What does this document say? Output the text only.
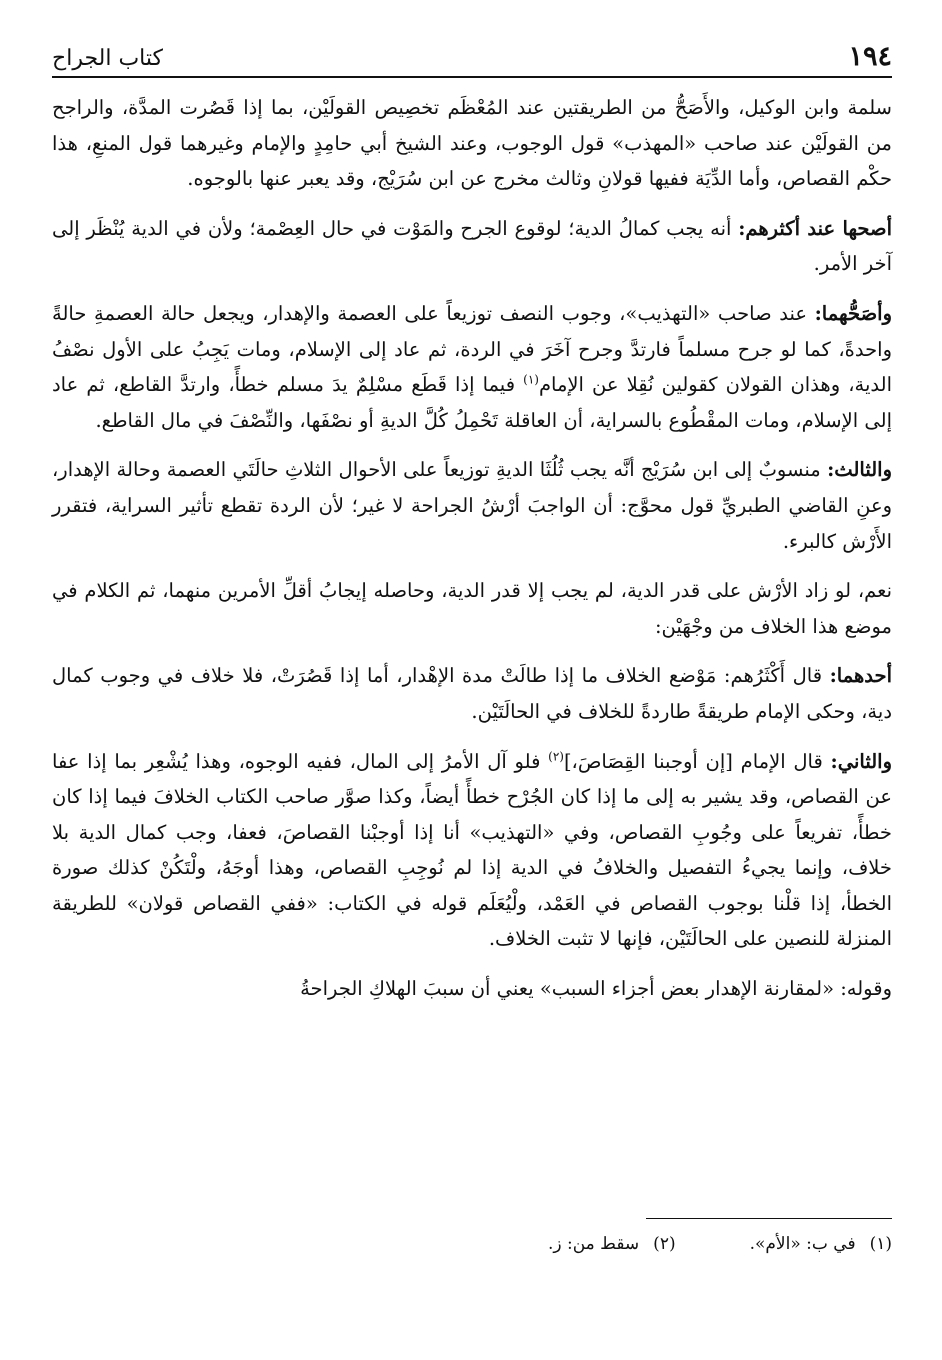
١٩٤
كتاب الجراح

سلمة وابن الوكيل، والأَصَحُّ من الطريقتين عند المُعْظَم تخصِيص القولَيْن، بما إذا قَصُرت المدَّة، والراجح من القولَيْن عند صاحب «المهذب» قول الوجوب، وعند الشيخ أبي حامِدٍ والإمام وغيرهما قول المنعِ، هذا حكْم القصاص، وأما الدِّيَة ففيها قولانِ وثالث مخرج عن ابن سُرَيْج، وقد يعبر عنها بالوجوه.

أصحها عند أكثرهم: أنه يجب كمالُ الدية؛ لوقوع الجرح والمَوْت في حال العِصْمة؛ ولأن في الدية يُنْظَر إلى آخر الأمر.

وأصَحُّهما: عند صاحب «التهذيب»، وجوب النصف توزيعاً على العصمة والإهدار، ويجعل حالة العصمةِ حالةً واحدةً، كما لو جرح مسلماً فارتدَّ وجرح آخَرَ في الردة، ثم عاد إلى الإسلام، ومات يَجِبُ على الأول نصْفُ الدية، وهذان القولان كقولين نُقِلا عن الإمام$^{(١)}$ فيما إذا قَطَع مسْلِمٌ يدَ مسلم خطأً، وارتدَّ القاطع، ثم عاد إلى الإسلام، ومات المقْطُوع بالسراية، أن العاقلة تَحْمِلُ كُلَّ الديةِ أو نصْفَها، والنِّصْفَ في مال القاطع.

والثالث: منسوبٌ إلى ابن سُرَيْج أنَّه يجب ثُلُثَا الديةِ توزيعاً على الأحوال الثلاثِ حالَتَي العصمة وحالة الإهدار، وعنِ القاضي الطبريِّ قول محوَّج: أن الواجبَ أرْشُ الجراحة لا غير؛ لأن الردة تقطع تأثير السراية، فتقرر الأَرْش كالبرء.

نعم، لو زاد الأرْش على قدر الدية، لم يجب إلا قدر الدية، وحاصله إيجابُ أقلِّ الأمرين منهما، ثم الكلام في موضع هذا الخلاف من وجْهَيْن:

أحدهما: قال أَكْثَرُهم: مَوْضع الخلاف ما إذا طالَتْ مدة الإهْدار، أما إذا قَصُرَتْ، فلا خلاف في وجوب كمال دية، وحكى الإمام طريقةً طاردةً للخلاف في الحالَتَيْن.

والثاني: قال الإمام [إن أوجبنا القِصَاصَ،]$^{(٢)}$ فلو آل الأمرُ إلى المال، ففيه الوجوه، وهذا يُشْعِر بما إذا عفا عن القصاص، وقد يشير به إلى ما إذا كان الجُرْح خطأً أيضاً، وكذا صوَّر صاحب الكتاب الخلافَ فيما إذا كان خطأً، تفريعاً على وجُوبِ القصاص، وفي «التهذيب» أنا إذا أوجبْنا القصاصَ، فعفا، وجب كمال الدية بلا خلاف، وإنما يجيءُ التفصيل والخلافُ في الدية إذا لم نُوجِبِ القصاص، وهذا أوجَهُ، ولْتَكُنْ كذلك صورة الخطأ، إذا قلْنا بوجوب القصاص في العَمْد، ولْيُعَلَم قوله في الكتاب: «ففي القصاص قولان» للطريقة المنزلة للنصين على الحالَتَيْن، فإنها لا تثبت الخلاف.

وقوله: «لمقارنة الإهدار بعض أجزاء السبب» يعني أن سببَ الهلاكِ الجراحةُ

(١)في ب: «الأم».
(٢)سقط من: ز.
